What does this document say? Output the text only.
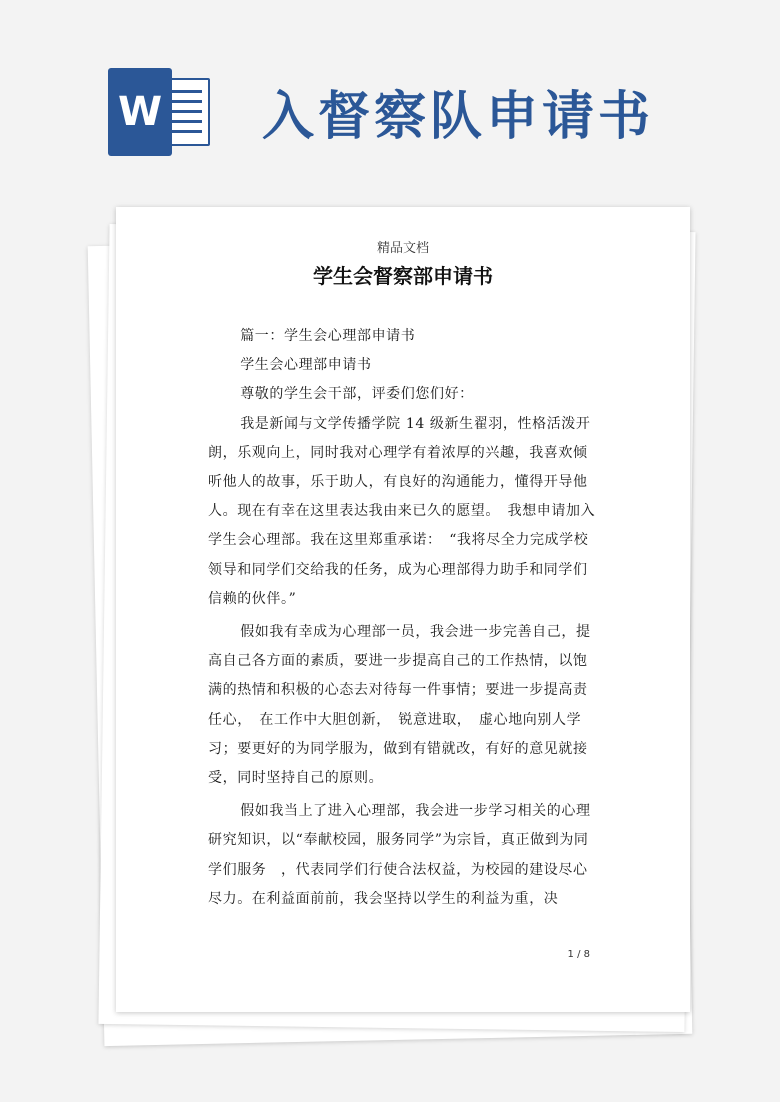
W 入督察队申请书
精品文档
学生会督察部申请书

篇一：学生会心理部申请书

学生会心理部申请书

尊敬的学生会干部，评委们您们好：

我是新闻与文学传播学院 14 级新生翟羽，性格活泼开朗，乐观向上，同时我对心理学有着浓厚的兴趣，我喜欢倾听他人的故事，乐于助人，有良好的沟通能力，懂得开导他人。现在有幸在这里表达我由来已久的愿望。　我想申请加入学生会心理部。我在这里郑重承诺：　“我将尽全力完成学校领导和同学们交给我的任务，成为心理部得力助手和同学们信赖的伙伴。”

假如我有幸成为心理部一员，我会进一步完善自己，提高自己各方面的素质，要进一步提高自己的工作热情，以饱满的热情和积极的心态去对待每一件事情；要进一步提高责任心，　在工作中大胆创新，　锐意进取，　虚心地向别人学习；要更好的为同学服为，做到有错就改，有好的意见就接受，同时坚持自己的原则。

假如我当上了进入心理部，我会进一步学习相关的心理研究知识，以“奉献校园，服务同学”为宗旨，真正做到为同学们服务　，代表同学们行使合法权益，为校园的建设尽心尽力。在利益面前前，我会坚持以学生的利益为重，决

1 / 8
